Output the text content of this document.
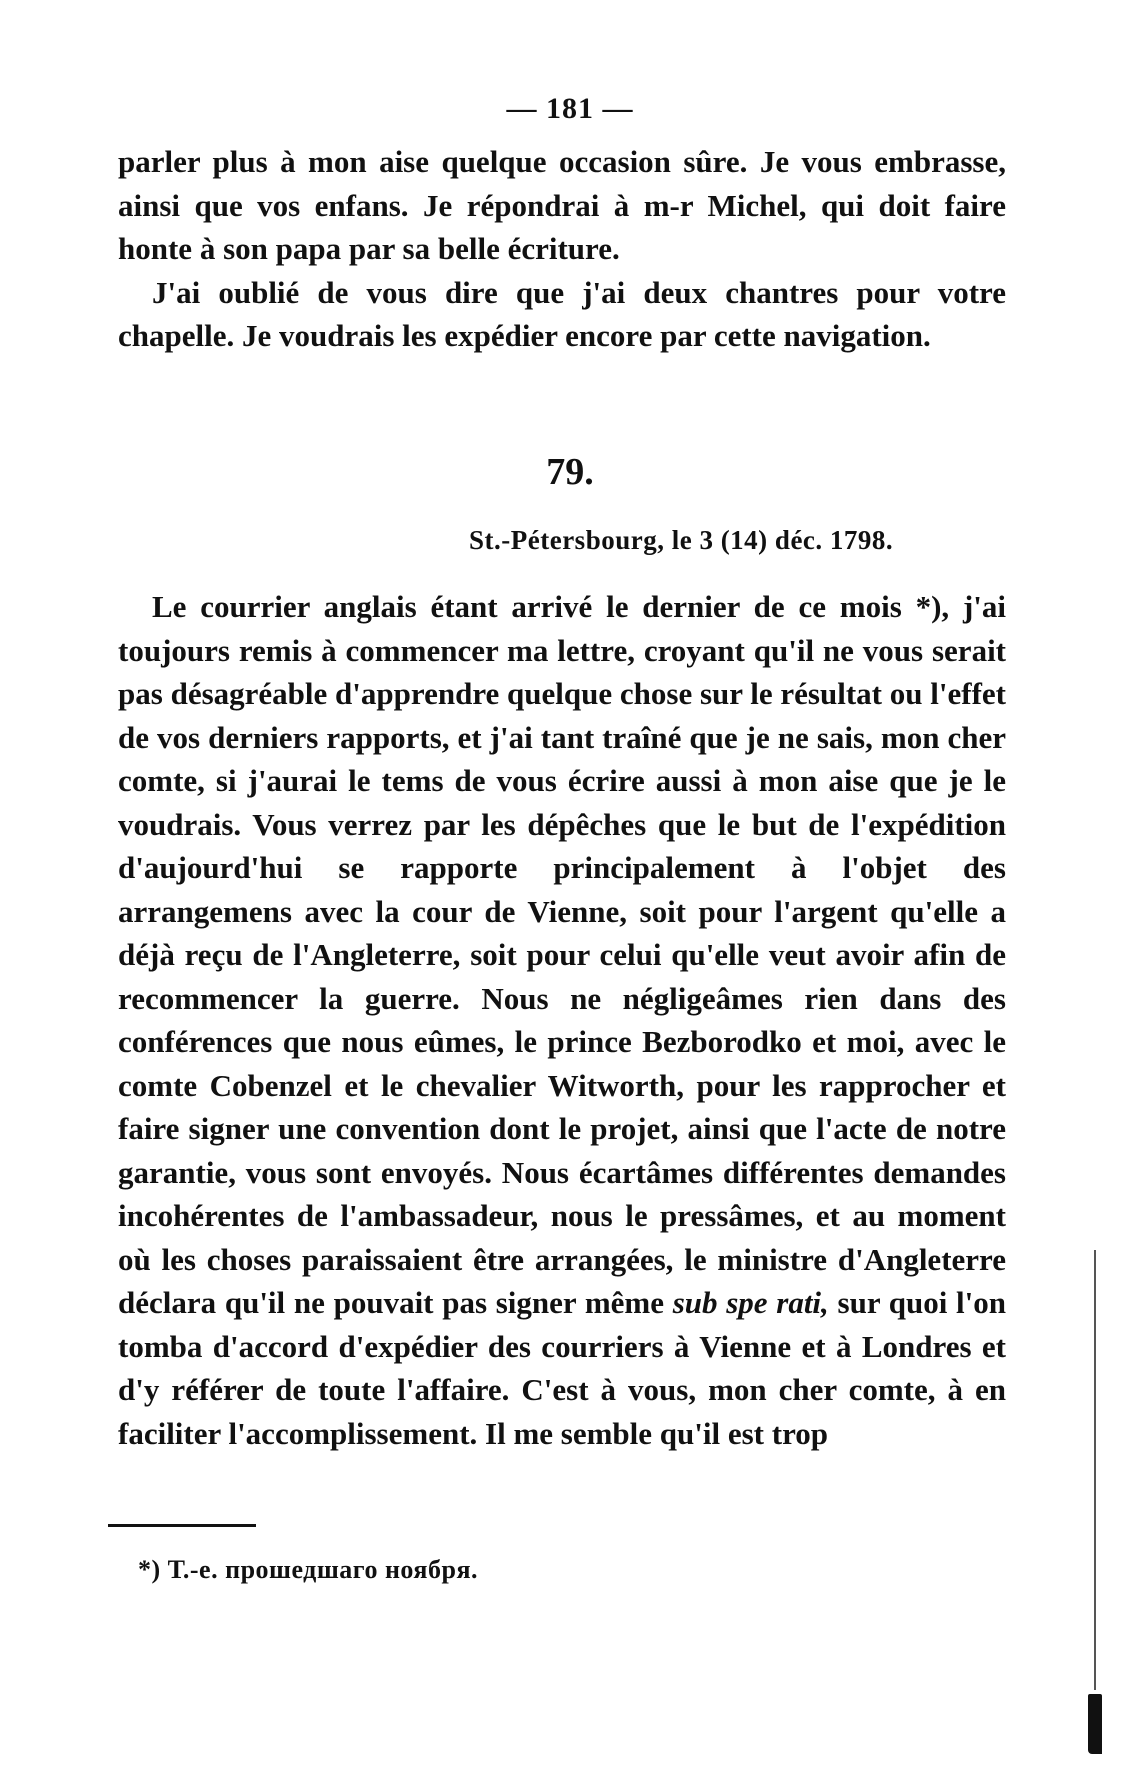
— 181 —

parler plus à mon aise quelque occasion sûre. Je vous embrasse, ainsi que vos enfans. Je répondrai à m-r Michel, qui doit faire honte à son papa par sa belle écriture.

J'ai oublié de vous dire que j'ai deux chantres pour votre chapelle. Je voudrais les expédier encore par cette navigation.

79.
St.-Pétersbourg, le 3 (14) déc. 1798.

Le courrier anglais étant arrivé le dernier de ce mois *), j'ai toujours remis à commencer ma lettre, croyant qu'il ne vous serait pas désagréable d'apprendre quelque chose sur le résultat ou l'effet de vos derniers rapports, et j'ai tant traîné que je ne sais, mon cher comte, si j'aurai le tems de vous écrire aussi à mon aise que je le voudrais. Vous verrez par les dépêches que le but de l'expédition d'aujourd'hui se rapporte principalement à l'objet des arrangemens avec la cour de Vienne, soit pour l'argent qu'elle a déjà reçu de l'Angleterre, soit pour celui qu'elle veut avoir afin de recommencer la guerre. Nous ne négligeâmes rien dans des conférences que nous eûmes, le prince Bezborodko et moi, avec le comte Cobenzel et le chevalier Witworth, pour les rapprocher et faire signer une convention dont le projet, ainsi que l'acte de notre garantie, vous sont envoyés. Nous écartâmes différentes demandes incohérentes de l'ambassadeur, nous le pressâmes, et au moment où les choses paraissaient être arrangées, le ministre d'Angleterre déclara qu'il ne pouvait pas signer même sub spe rati, sur quoi l'on tomba d'accord d'expédier des courriers à Vienne et à Londres et d'y référer de toute l'affaire. C'est à vous, mon cher comte, à en faciliter l'accomplissement. Il me semble qu'il est trop

*) Т.-е. прошедшаго ноября.
